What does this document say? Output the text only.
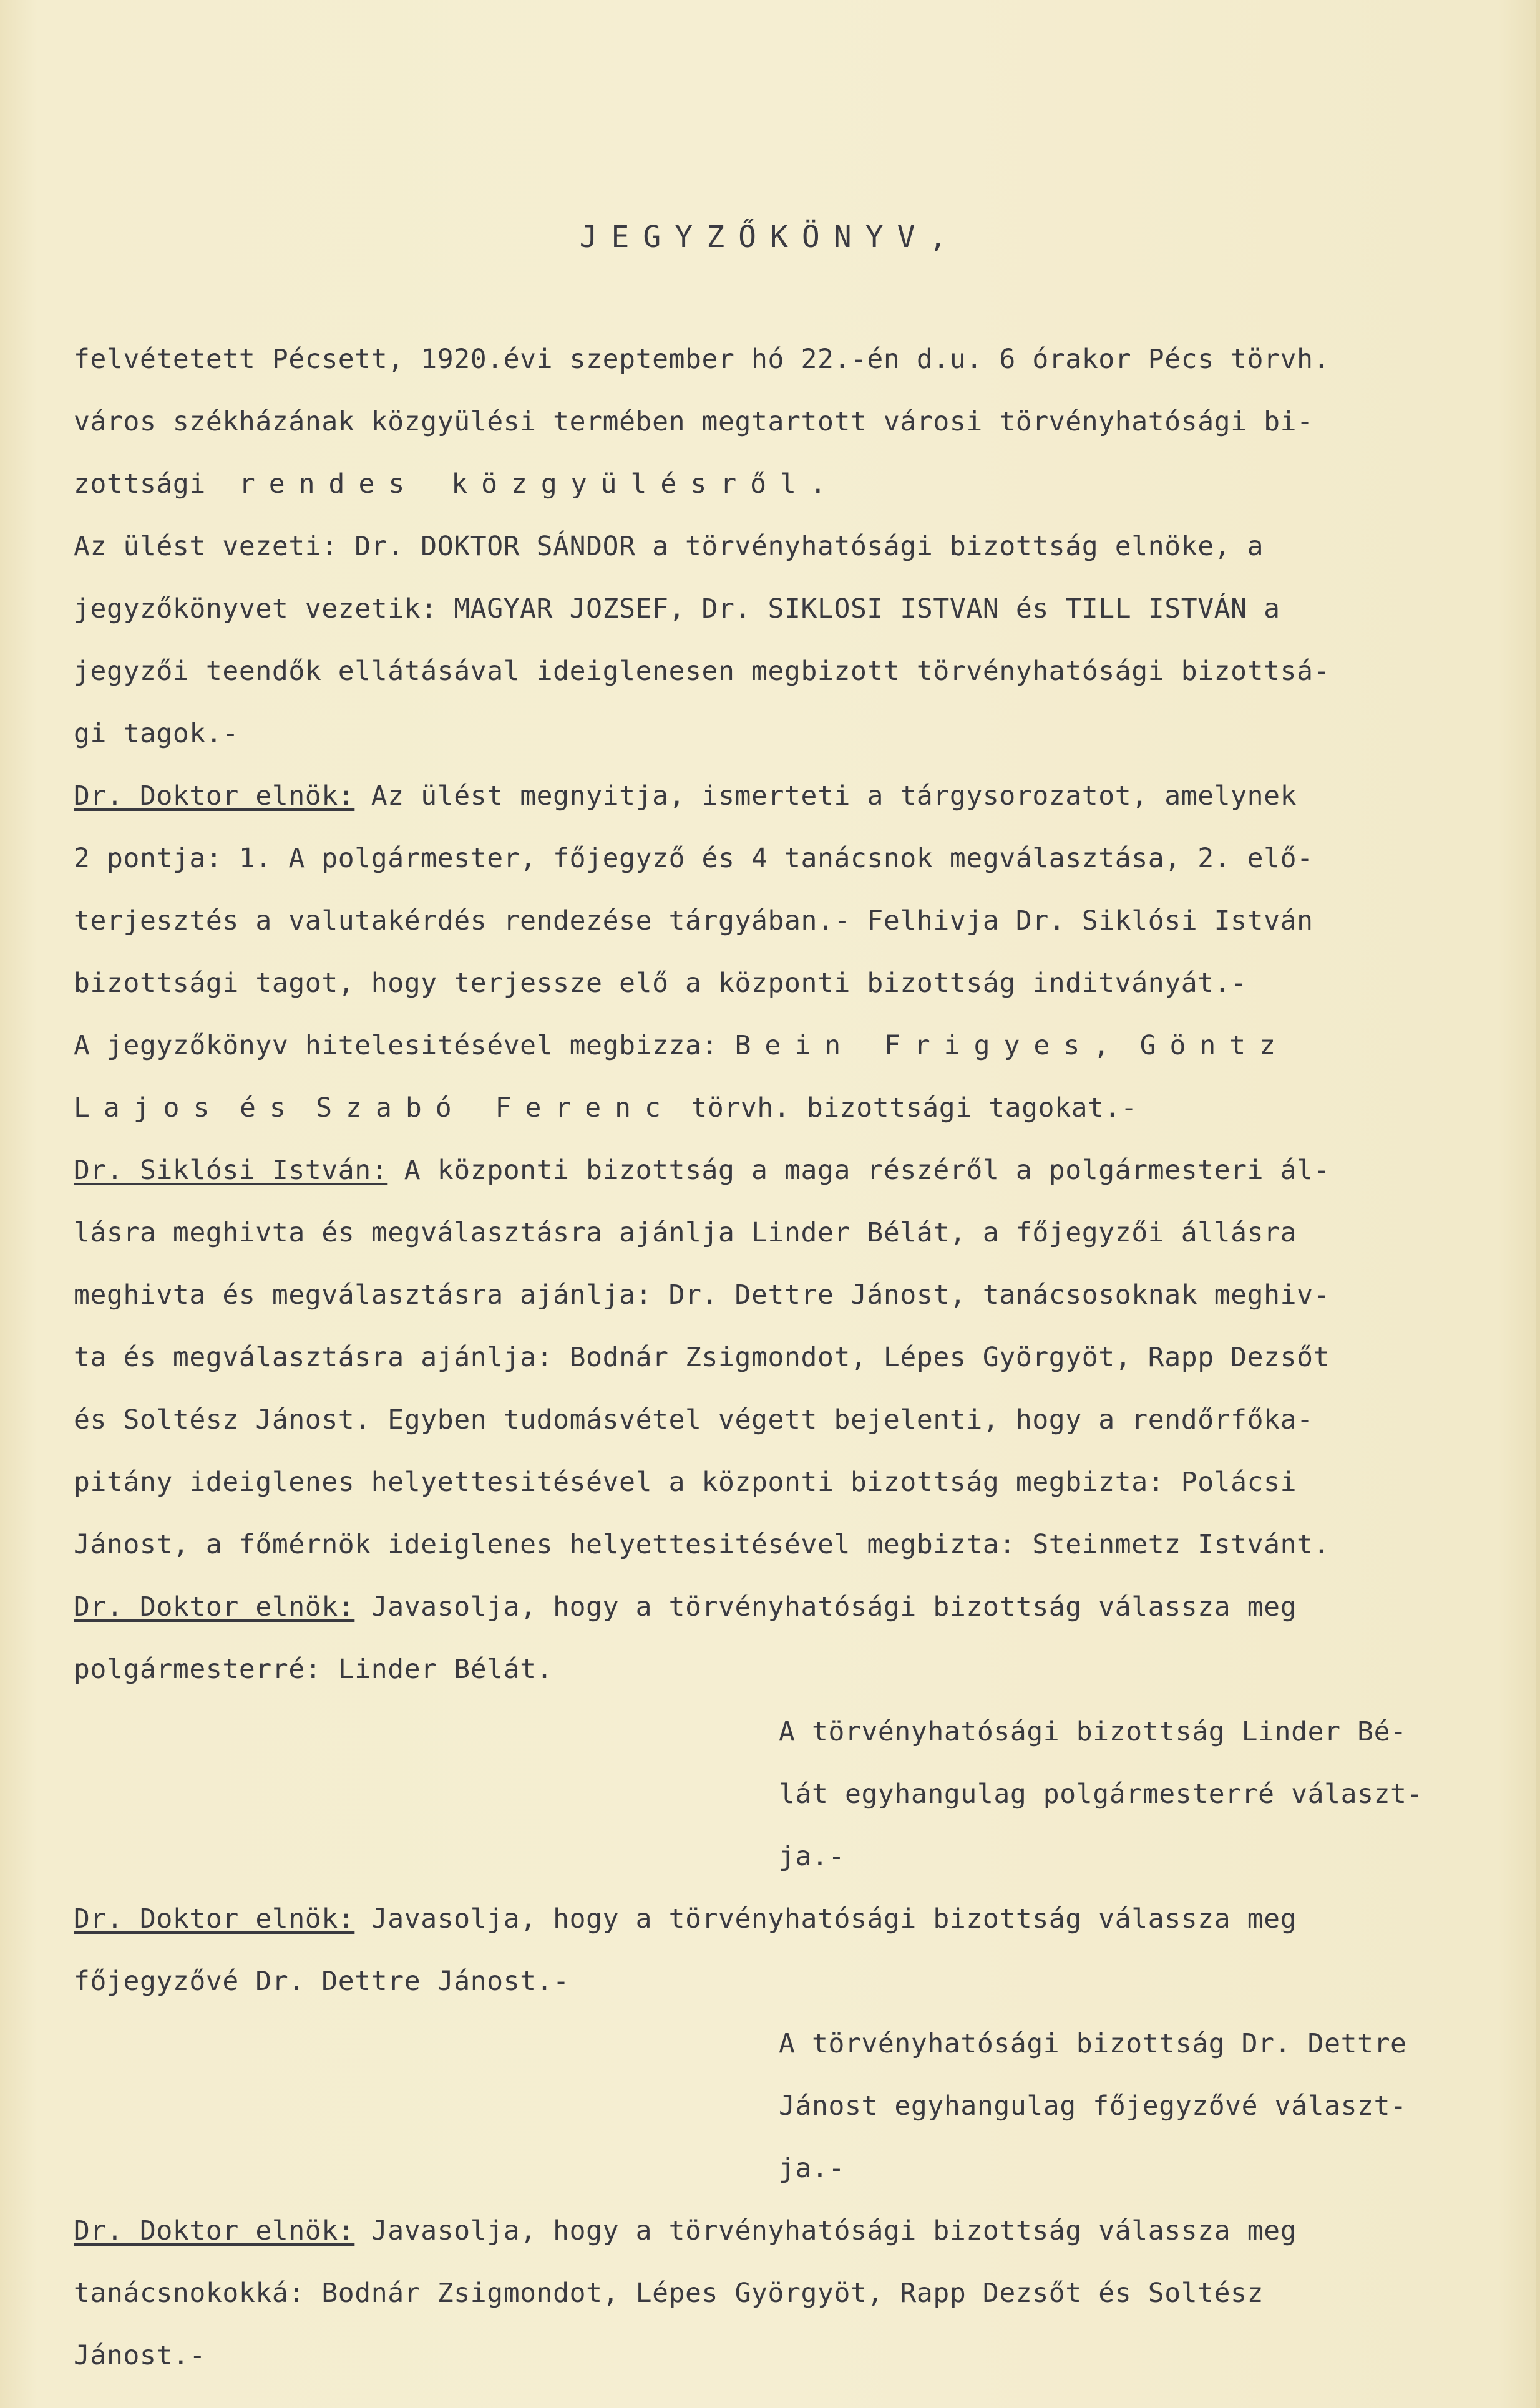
JEGYZŐKÖNYV,
felvétetett Pécsett, 1920.évi szeptember hó 22.-én d.u. 6 órakor Pécs törvh.
város székházának közgyülési termében megtartott városi törvényhatósági bi-
zottsági rendes közgyülésről.
Az ülést vezeti: Dr. DOKTOR SÁNDOR a törvényhatósági bizottság elnöke, a
jegyzőkönyvet vezetik: MAGYAR JOZSEF, Dr. SIKLOSI ISTVAN és TILL ISTVÁN a
jegyzői teendők ellátásával ideiglenesen megbizott törvényhatósági bizottsá-
gi tagok.-
Dr. Doktor elnök: Az ülést megnyitja, ismerteti a tárgysorozatot, amelynek
2 pontja: 1. A polgármester, főjegyző és 4 tanácsnok megválasztása, 2. elő-
terjesztés a valutakérdés rendezése tárgyában.- Felhivja Dr. Siklósi István
bizottsági tagot, hogy terjessze elő a központi bizottság inditványát.-
A jegyzőkönyv hitelesitésével megbizza: Bein Frigyes, Göntz
Lajos és Szabó Ferenc törvh. bizottsági tagokat.-
Dr. Siklósi István: A központi bizottság a maga részéről a polgármesteri ál-
lásra meghivta és megválasztásra ajánlja Linder Bélát, a főjegyzői állásra
meghivta és megválasztásra ajánlja: Dr. Dettre Jánost, tanácsosoknak meghiv-
ta és megválasztásra ajánlja: Bodnár Zsigmondot, Lépes Györgyöt, Rapp Dezsőt
és Soltész Jánost. Egyben tudomásvétel végett bejelenti, hogy a rendőrfőka-
pitány ideiglenes helyettesitésével a központi bizottság megbizta: Polácsi
Jánost, a főmérnök ideiglenes helyettesitésével megbizta: Steinmetz Istvánt.
Dr. Doktor elnök: Javasolja, hogy a törvényhatósági bizottság válassza meg
polgármesterré: Linder Bélát.
A törvényhatósági bizottság Linder Bé-
lát egyhangulag polgármesterré választ-
ja.-
Dr. Doktor elnök: Javasolja, hogy a törvényhatósági bizottság válassza meg
főjegyzővé Dr. Dettre Jánost.-
A törvényhatósági bizottság Dr. Dettre
Jánost egyhangulag főjegyzővé választ-
ja.-
Dr. Doktor elnök: Javasolja, hogy a törvényhatósági bizottság válassza meg
tanácsnokokká: Bodnár Zsigmondot, Lépes Györgyöt, Rapp Dezsőt és Soltész
Jánost.-
